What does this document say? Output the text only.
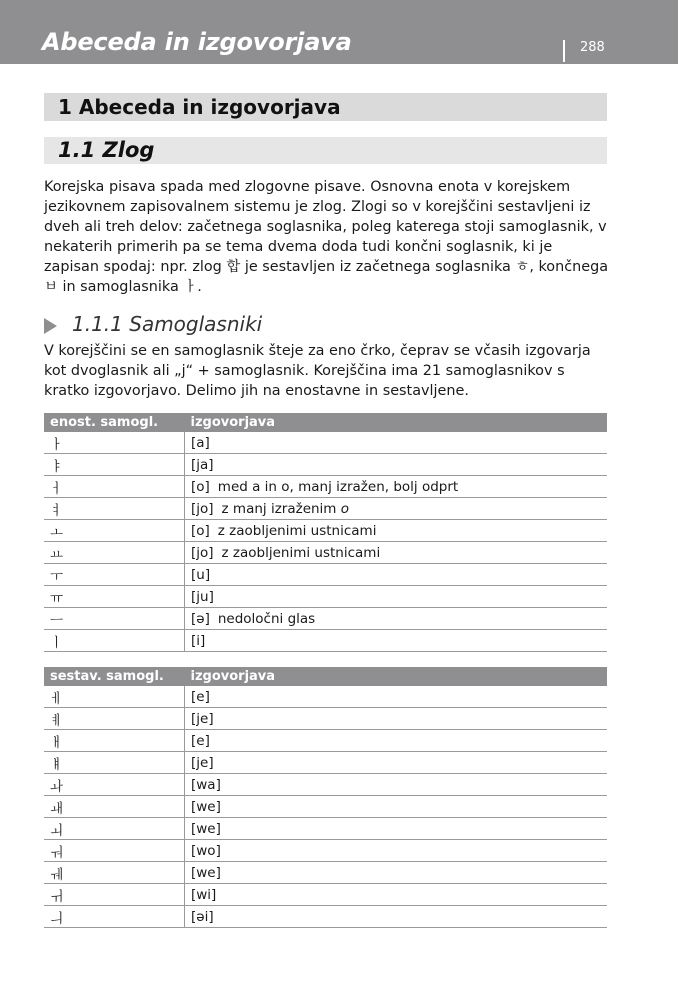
Abeceda in izgovorjava	288
1 Abeceda in izgovorjava
1.1 Zlog
Korejska pisava spada med zlogovne pisave. Osnovna enota v korejskem jezikovnem zapisovalnem sistemu je zlog. Zlogi so v korejščini sestavljeni iz dveh ali treh delov: začetnega soglasnika, poleg katerega stoji samoglasnik, v nekaterih primerih pa se tema dvema doda tudi končni soglasnik, ki je zapisan spodaj: npr. zlog 합 je sestavljen iz začetnega soglasnika ㅎ, končnega ㅂ in samoglasnika ㅏ.
1.1.1 Samoglasniki
V korejščini se en samoglasnik šteje za eno črko, čeprav se včasih izgovarja kot dvoglasnik ali „j“ + samoglasnik. Korejščina ima 21 samoglasnikov s kratko izgovorjavo. Delimo jih na enostavne in sestavljene.
enost. samogl.	izgovorjava
ㅏ	[a]
ㅑ	[ja]
ㅓ	[o] med a in o, manj izražen, bolj odprt
ㅕ	[jo] z manj izraženim o
ㅗ	[o] z zaobljenimi ustnicami
ㅛ	[jo] z zaobljenimi ustnicami
ㅜ	[u]
ㅠ	[ju]
ㅡ	[ə] nedoločni glas
ㅣ	[i]
sestav. samogl.	izgovorjava
ㅔ	[e]
ㅖ	[je]
ㅐ	[e]
ㅒ	[je]
ㅘ	[wa]
ㅙ	[we]
ㅚ	[we]
ㅝ	[wo]
ㅞ	[we]
ㅟ	[wi]
ㅢ	[əi]
